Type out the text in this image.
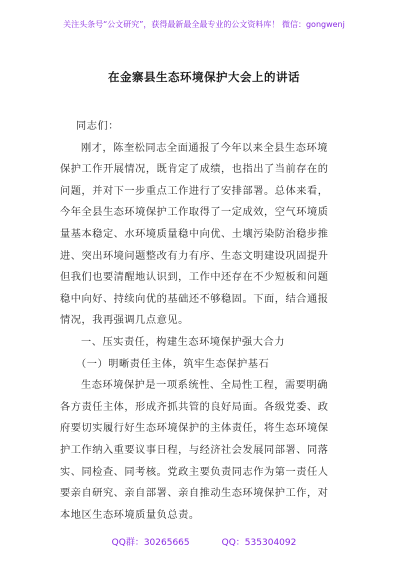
关注头条号“公文研究”，获得最新最全最专业的公文资料库！ 微信：gongwenj
在金寨县生态环境保护大会上的讲话
同志们：
刚才，陈奎松同志全面通报了今年以来全县生态环境
保护工作开展情况，既肯定了成绩，也指出了当前存在的
问题，并对下一步重点工作进行了安排部署。总体来看，
今年全县生态环境保护工作取得了一定成效，空气环境质
量基本稳定、水环境质量稳中向优、土壤污染防治稳步推
进、突出环境问题整改有力有序、生态文明建设巩固提升
但我们也要清醒地认识到，工作中还存在不少短板和问题
稳中向好、持续向优的基础还不够稳固。下面，结合通报
情况，我再强调几点意见。
一、压实责任，构建生态环境保护强大合力
（一）明晰责任主体，筑牢生态保护基石
生态环境保护是一项系统性、全局性工程，需要明确
各方责任主体，形成齐抓共管的良好局面。各级党委、政
府要切实履行好生态环境保护的主体责任，将生态环境保
护工作纳入重要议事日程，与经济社会发展同部署、同落
实、同检查、同考核。党政主要负责同志作为第一责任人
要亲自研究、亲自部署、亲自推动生态环境保护工作，对
本地区生态环境质量负总责。
QQ群：30265665	QQ：535304092
